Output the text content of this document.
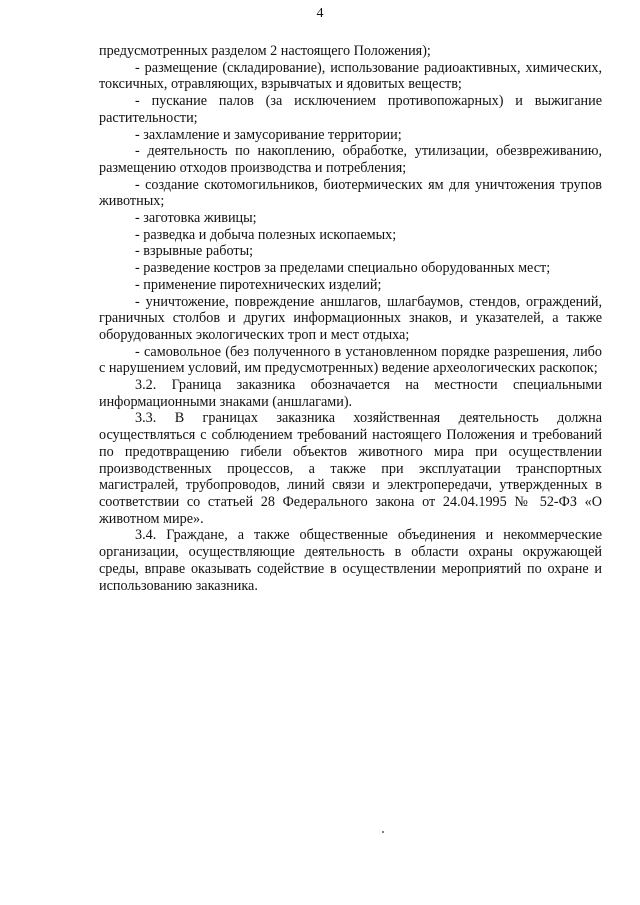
4

предусмотренных разделом 2 настоящего Положения);

- размещение (складирование), использование радиоактивных, химических, токсичных, отравляющих, взрывчатых и ядовитых веществ;

- пускание палов (за исключением противопожарных) и выжигание растительности;

- захламление и замусоривание территории;

- деятельность по накоплению, обработке, утилизации, обезвреживанию, размещению отходов производства и потребления;

- создание скотомогильников, биотермических ям для уничтожения трупов животных;

- заготовка живицы;

- разведка и добыча полезных ископаемых;

- взрывные работы;

- разведение костров за пределами специально оборудованных мест;

- применение пиротехнических изделий;

- уничтожение, повреждение аншлагов, шлагбаумов, стендов, ограждений, граничных столбов и других информационных знаков, и указателей, а также оборудованных экологических троп и мест отдыха;

- самовольное (без полученного в установленном порядке разрешения, либо с нарушением условий, им предусмотренных) ведение археологических раскопок;

3.2. Граница заказника обозначается на местности специальными информационными знаками (аншлагами).

3.3. В границах заказника хозяйственная деятельность должна осуществляться с соблюдением требований настоящего Положения и требований по предотвращению гибели объектов животного мира при осуществлении производственных процессов, а также при эксплуатации транспортных магистралей, трубопроводов, линий связи и электропередачи, утвержденных в соответствии со статьей 28 Федерального закона от 24.04.1995 № 52-ФЗ «О животном мире».

3.4. Граждане, а также общественные объединения и некоммерческие организации, осуществляющие деятельность в области охраны окружающей среды, вправе оказывать содействие в осуществлении мероприятий по охране и использованию заказника.
